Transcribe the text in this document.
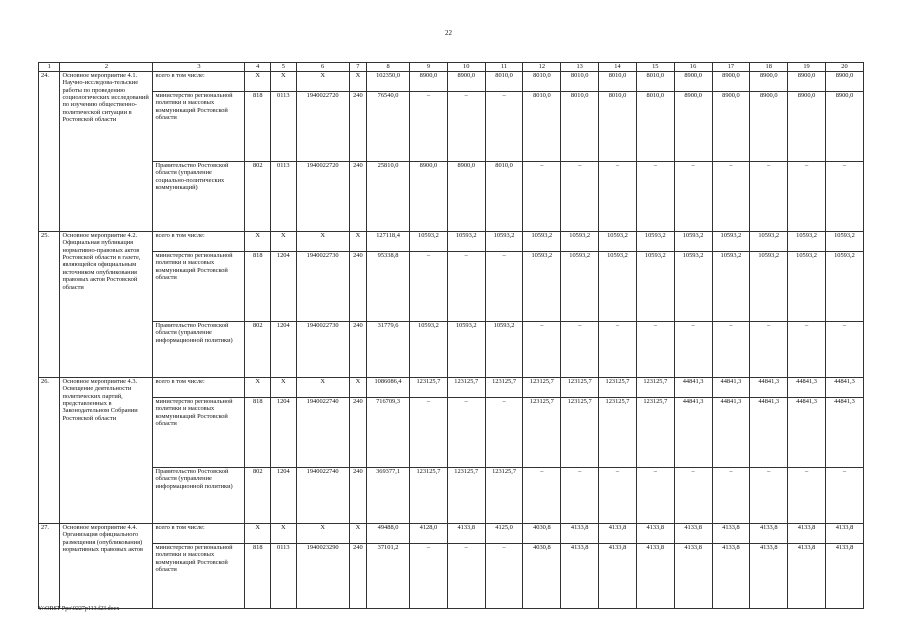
22
1	2	3	4	5	6	7	8	9	10	11	12	13	14	15	16	17	18	19	20
24.	Основное мероприятие 4.1. Научно-исследова-тельские работы по проведению социологических исследований по изучению общественно-политической ситуации в Ростовской области	всего в том числе:	X	X	X	X	102350,0	8900,0	8900,0	8010,0	8010,0	8010,0	8010,0	8010,0	8900,0	8900,0	8900,0	8900,0	8900,0
		министерство региональной политики и массовых коммуникаций Ростовской области	818	0113	1940022720	240	76540,0	–	–	–	8010,0	8010,0	8010,0	8010,0	8900,0	8900,0	8900,0	8900,0	8900,0
		Правительство Ростовской области (управление социально-политических коммуникаций)	802	0113	1940022720	240	25810,0	8900,0	8900,0	8010,0	–	–	–	–	–	–	–	–	–
25.	Основное мероприятие 4.2. Официальная публикация нормативно-правовых актов Ростовской области в газете, являющейся официальным источником опубликования правовых актов Ростовской области	всего в том числе:	X	X	X	X	127118,4	10593,2	10593,2	10593,2	10593,2	10593,2	10593,2	10593,2	10593,2	10593,2	10593,2	10593,2	10593,2
		министерство региональной политики и массовых коммуникаций Ростовской области	818	1204	1940022730	240	95338,8	–	–	–	10593,2	10593,2	10593,2	10593,2	10593,2	10593,2	10593,2	10593,2	10593,2
		Правительство Ростовской области (управление информационной политики)	802	1204	1940022730	240	31779,6	10593,2	10593,2	10593,2	–	–	–	–	–	–	–	–	–
26.	Основное мероприятие 4.3. Освещение деятельности политических партий, представленных в Законодательном Собрании Ростовской области	всего в том числе:	X	X	X	X	1086086,4	123125,7	123125,7	123125,7	123125,7	123125,7	123125,7	123125,7	44841,3	44841,3	44841,3	44841,3	44841,3
		министерство региональной политики и массовых коммуникаций Ростовской области	818	1204	1940022740	240	716709,3	–	–	–	123125,7	123125,7	123125,7	123125,7	44841,3	44841,3	44841,3	44841,3	44841,3
		Правительство Ростовской области (управление информационной политики)	802	1204	1940022740	240	369377,1	123125,7	123125,7	123125,7	–	–	–	–	–	–	–	–	–
27.	Основное мероприятие 4.4. Организация официального размещения (опубликования) нормативных правовых актов	всего в том числе:	X	X	X	X	49488,0	4128,0	4133,8	4125,0	4030,8	4133,8	4133,8	4133,8	4133,8	4133,8	4133,8	4133,8	4133,8
		министерство региональной политики и массовых коммуникаций Ростовской области	818	0113	1940023290	240	37101,2	–	–	–	4030,8	4133,8	4133,8	4133,8	4133,8	4133,8	4133,8	4133,8	4133,8
Y:\ORST-Ppo\0227p113.f23.docx
